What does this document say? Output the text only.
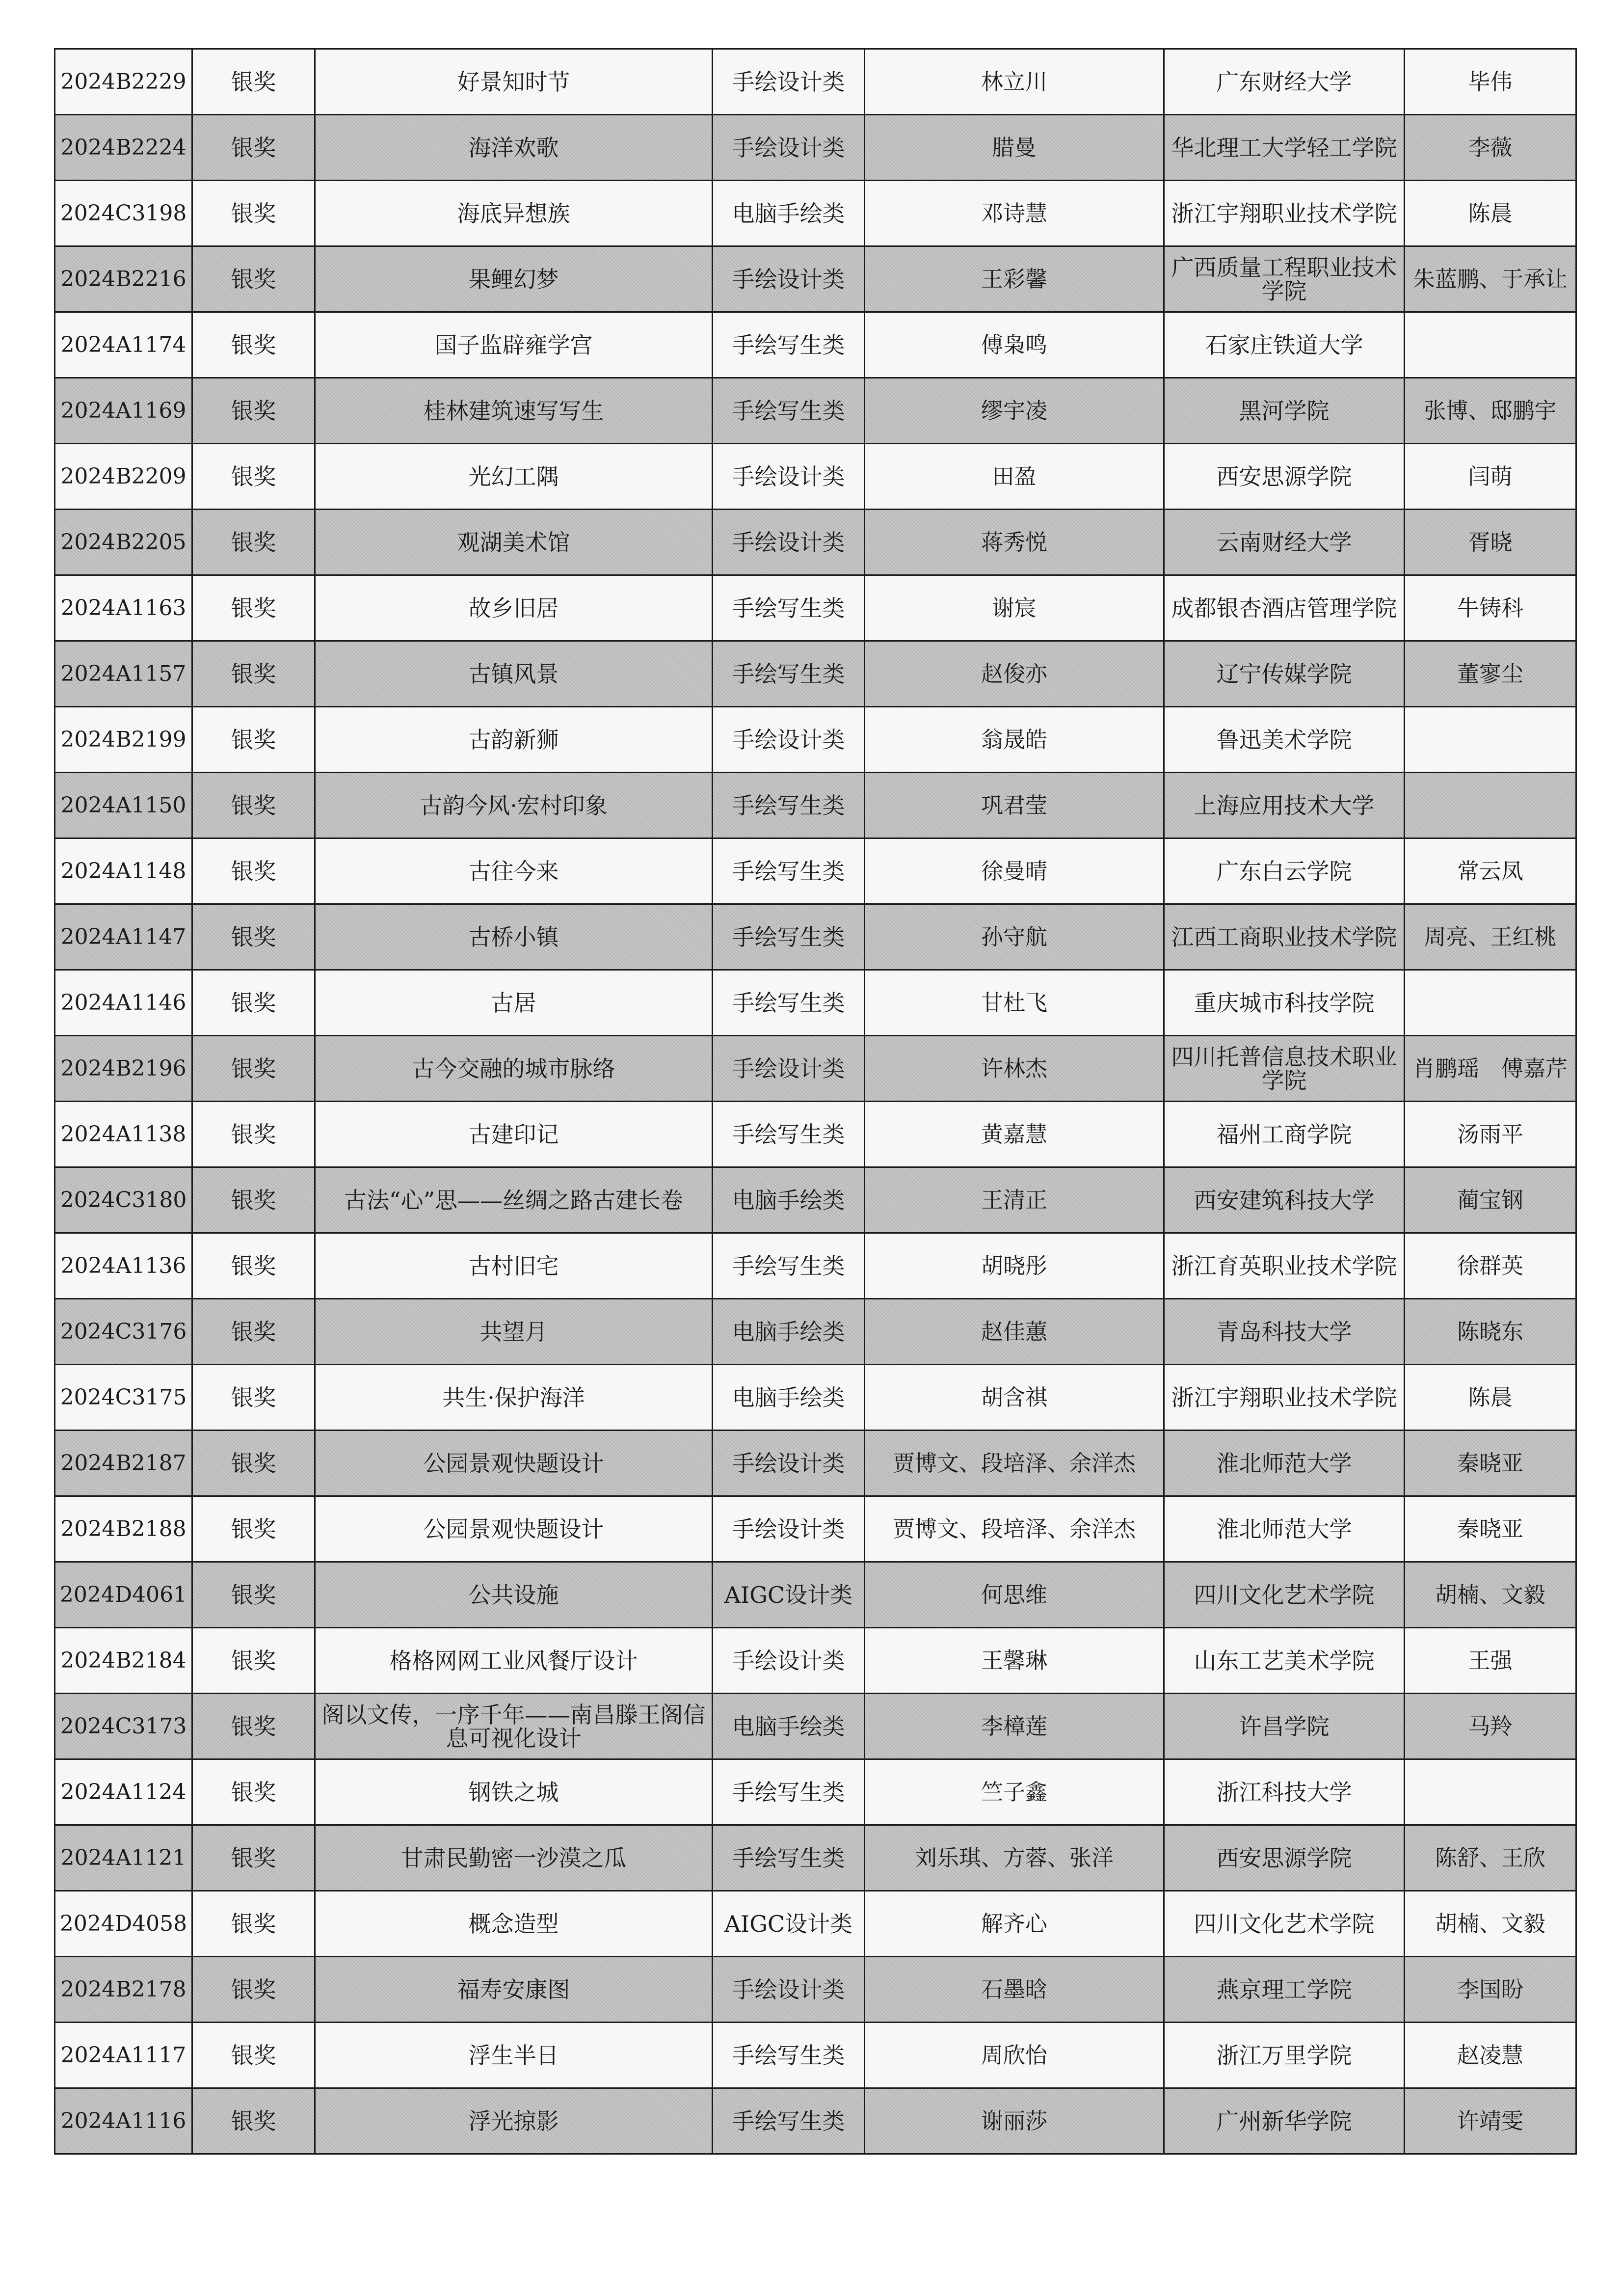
2024B2229	银奖	好景知时节	手绘设计类	林立川	广东财经大学	毕伟
2024B2224	银奖	海洋欢歌	手绘设计类	腊曼	华北理工大学轻工学院	李薇
2024C3198	银奖	海底异想族	电脑手绘类	邓诗慧	浙江宇翔职业技术学院	陈晨
2024B2216	银奖	果鲤幻梦	手绘设计类	王彩馨	广西质量工程职业技术学院	朱蓝鹏、于承让
2024A1174	银奖	国子监辟雍学宫	手绘写生类	傅枭鸣	石家庄铁道大学	
2024A1169	银奖	桂林建筑速写写生	手绘写生类	缪宇凌	黑河学院	张博、邸鹏宇
2024B2209	银奖	光幻工隅	手绘设计类	田盈	西安思源学院	闫萌
2024B2205	银奖	观湖美术馆	手绘设计类	蒋秀悦	云南财经大学	胥晓
2024A1163	银奖	故乡旧居	手绘写生类	谢宸	成都银杏酒店管理学院	牛铸科
2024A1157	银奖	古镇风景	手绘写生类	赵俊亦	辽宁传媒学院	董寥尘
2024B2199	银奖	古韵新狮	手绘设计类	翁晟皓	鲁迅美术学院	
2024A1150	银奖	古韵今风·宏村印象	手绘写生类	巩君莹	上海应用技术大学	
2024A1148	银奖	古往今来	手绘写生类	徐曼晴	广东白云学院	常云凤
2024A1147	银奖	古桥小镇	手绘写生类	孙守航	江西工商职业技术学院	周亮、王红桃
2024A1146	银奖	古居	手绘写生类	甘杜飞	重庆城市科技学院	
2024B2196	银奖	古今交融的城市脉络	手绘设计类	许林杰	四川托普信息技术职业学院	肖鹏瑶　傅嘉芹
2024A1138	银奖	古建印记	手绘写生类	黄嘉慧	福州工商学院	汤雨平
2024C3180	银奖	古法“心”思——丝绸之路古建长卷	电脑手绘类	王清正	西安建筑科技大学	蔺宝钢
2024A1136	银奖	古村旧宅	手绘写生类	胡晓彤	浙江育英职业技术学院	徐群英
2024C3176	银奖	共望月	电脑手绘类	赵佳蕙	青岛科技大学	陈晓东
2024C3175	银奖	共生·保护海洋	电脑手绘类	胡含祺	浙江宇翔职业技术学院	陈晨
2024B2187	银奖	公园景观快题设计	手绘设计类	贾博文、段培泽、余洋杰	淮北师范大学	秦晓亚
2024B2188	银奖	公园景观快题设计	手绘设计类	贾博文、段培泽、余洋杰	淮北师范大学	秦晓亚
2024D4061	银奖	公共设施	AIGC设计类	何思维	四川文化艺术学院	胡楠、文毅
2024B2184	银奖	格格网网工业风餐厅设计	手绘设计类	王馨琳	山东工艺美术学院	王强
2024C3173	银奖	阁以文传，一序千年——南昌滕王阁信息可视化设计	电脑手绘类	李樟莲	许昌学院	马羚
2024A1124	银奖	钢铁之城	手绘写生类	竺子鑫	浙江科技大学	
2024A1121	银奖	甘肃民勤密一沙漠之瓜	手绘写生类	刘乐琪、方蓉、张洋	西安思源学院	陈舒、王欣
2024D4058	银奖	概念造型	AIGC设计类	解齐心	四川文化艺术学院	胡楠、文毅
2024B2178	银奖	福寿安康图	手绘设计类	石墨晗	燕京理工学院	李国盼
2024A1117	银奖	浮生半日	手绘写生类	周欣怡	浙江万里学院	赵凌慧
2024A1116	银奖	浮光掠影	手绘写生类	谢丽莎	广州新华学院	许靖雯
